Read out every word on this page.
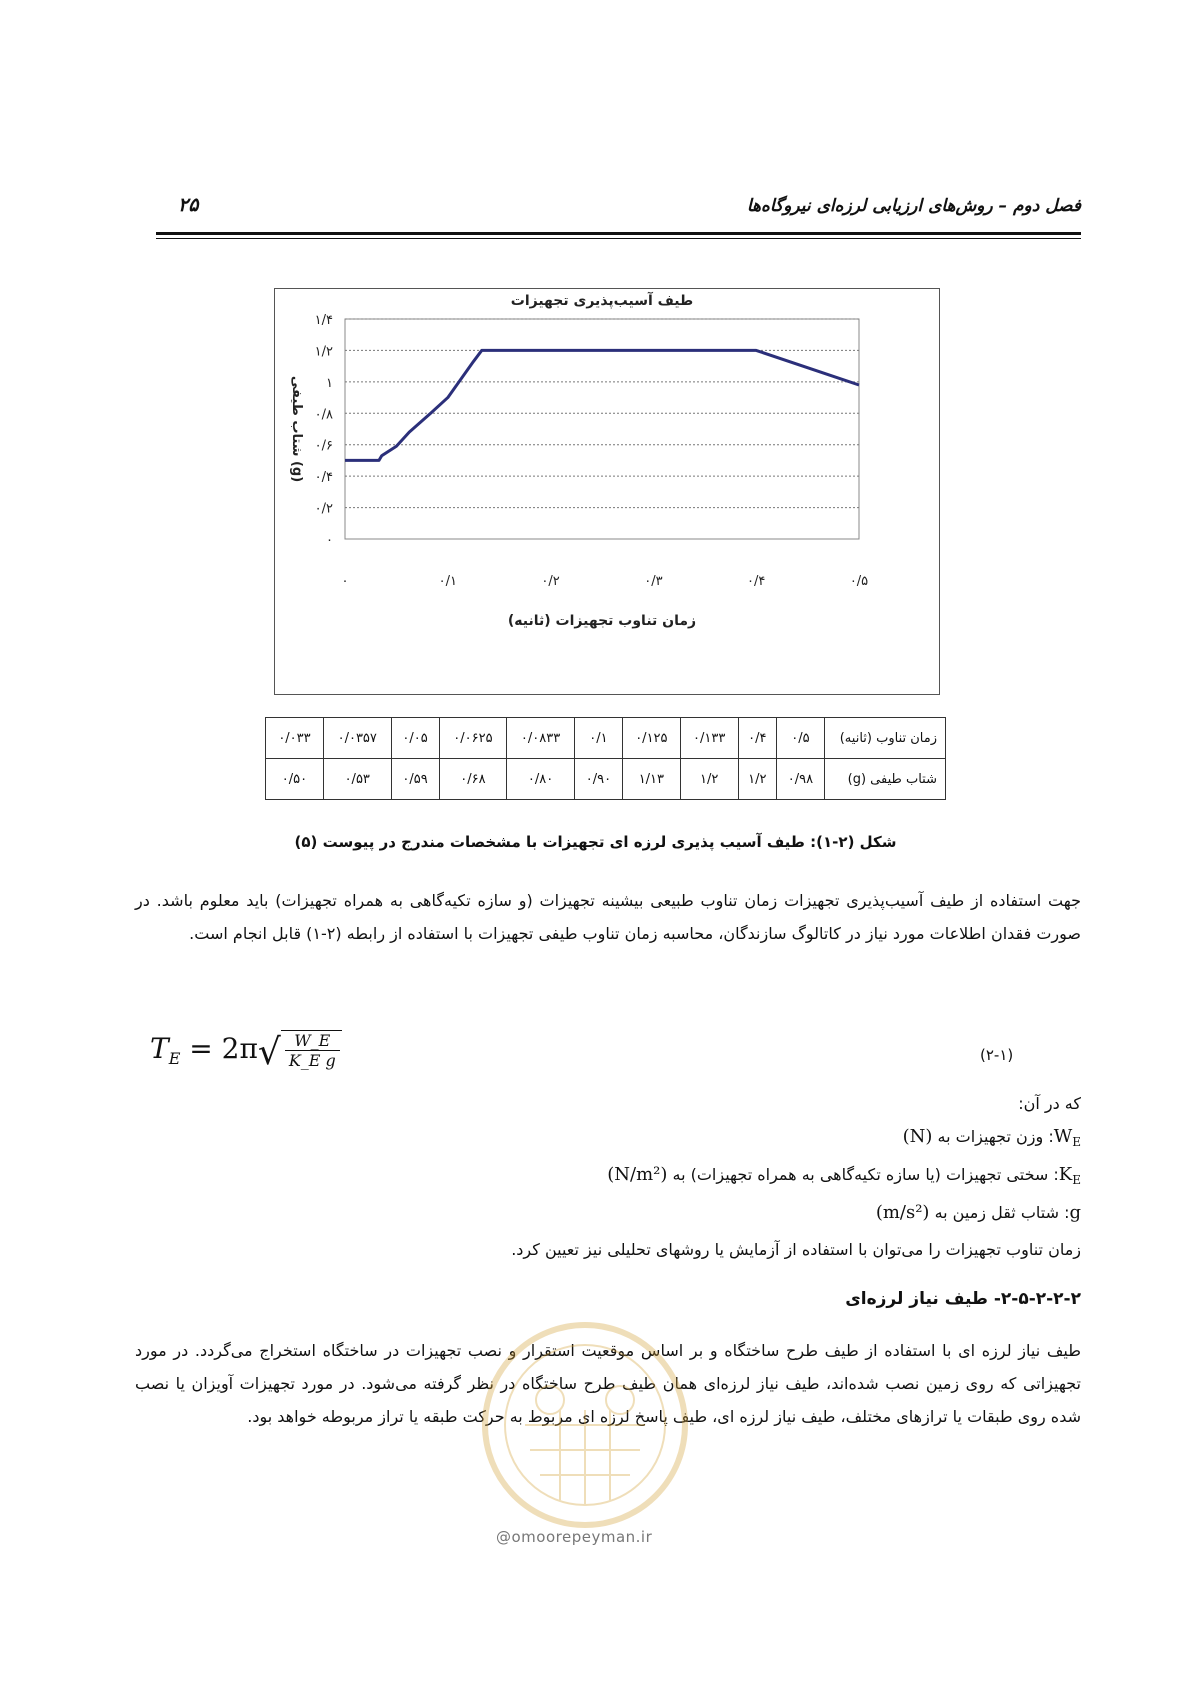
فصل دوم – روش‌های ارزیابی لرزه‌ای نیروگاه‌ها
۲۵
۰
۰/۲
۰/۴
۰/۶
۰/۸
۱
۱/۲
۱/۴
۰	۰/۱	۰/۲	۰/۳	۰/۴	۰/۵
طیف آسیب‌پذیری تجهیزات
زمان تناوب تجهیزات (ثانیه)
شتاب طیفی (g)
زمان تناوب (ثانیه)	۰/۵	۰/۴	۰/۱۳۳	۰/۱۲۵	۰/۱	۰/۰۸۳۳	۰/۰۶۲۵	۰/۰۵	۰/۰۳۵۷	۰/۰۳۳
شتاب طیفی (g)	۰/۹۸	۱/۲	۱/۲	۱/۱۳	۰/۹۰	۰/۸۰	۰/۶۸	۰/۵۹	۰/۵۳	۰/۵۰
شکل (۲-۱): طیف آسیب پذیری لرزه ای تجهیزات با مشخصات مندرج در پیوست (۵)
جهت استفاده از طیف آسیب‌پذیری تجهیزات زمان تناوب طبیعی بیشینه تجهیزات (و سازه تکیه‌گاهی به همراه تجهیزات) باید معلوم باشد. در صورت فقدان اطلاعات مورد نیاز در کاتالوگ سازندگان، محاسبه زمان تناوب طیفی تجهیزات با استفاده از رابطه (۲-۱) قابل انجام است.
$T_E = 2\pi√ \frac{W\_E}{\text{K\_E g}}$	(۲-۱)
که در آن:
$W_E$: وزن تجهیزات به (N)
$K_E$: سختی تجهیزات (یا سازه تکیه‌گاهی به همراه تجهیزات) به (N/m²)
g: شتاب ثقل زمین به (m/s²)
زمان تناوب تجهیزات را می‌توان با استفاده از آزمایش یا روشهای تحلیلی نیز تعیین کرد.
۲-۵-۲-۲-۲- طیف نیاز لرزه‌ای
طیف نیاز لرزه ای با استفاده از طیف طرح ساختگاه و بر اساس موقعیت استقرار و نصب تجهیزات در ساختگاه استخراج می‌گردد. در مورد تجهیزاتی که روی زمین نصب شده‌اند، طیف نیاز لرزه‌ای همان طیف طرح ساختگاه در نظر گرفته می‌شود. در مورد تجهیزات آویزان یا نصب شده روی طبقات یا ترازهای مختلف، طیف نیاز لرزه ای، طیف پاسخ لرزه ای مربوط به حرکت طبقه یا تراز مربوطه خواهد بود.
@omoorepeyman.ir
